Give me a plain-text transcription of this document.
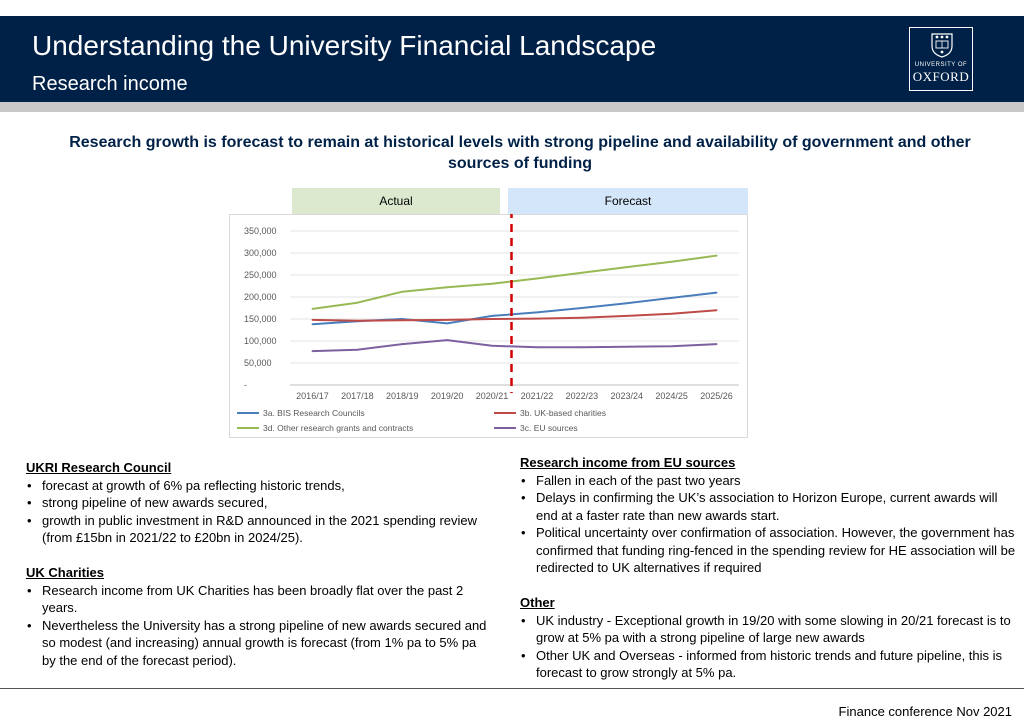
Understanding the University Financial Landscape
Research income
UNIVERSITY OF
OXFORD
Research growth is forecast to remain at historical levels with strong pipeline and availability of government and other sources of funding
Actual	Forecast
-
50,000
100,000
150,000
200,000
250,000
300,000
350,000
2016/17 2017/18 2018/19 2019/20 2020/21 2021/22 2022/23 2023/24 2024/25 2025/26
3a. BIS Research Councils	3b. UK-based charities
3d. Other research grants and contracts	3c. EU sources
UKRI Research Council
• forecast at growth of 6% pa reflecting historic trends,
• strong pipeline of new awards secured,
• growth in public investment in R&D announced in the 2021 spending review (from £15bn in 2021/22 to £20bn in 2024/25).
UK Charities
• Research income from UK Charities has been broadly flat over the past 2 years.
• Nevertheless the University has a strong pipeline of new awards secured and so modest (and increasing) annual growth is forecast (from 1% pa to 5% pa by the end of the forecast period).
Research income from EU sources
• Fallen in each of the past two years
• Delays in confirming the UK’s association to Horizon Europe, current awards will end at a faster rate than new awards start.
• Political uncertainty over confirmation of association. However, the government has confirmed that funding ring-fenced in the spending review for HE association will be redirected to UK alternatives if required
Other
• UK industry - Exceptional growth in 19/20 with some slowing in 20/21 forecast is to grow at 5% pa with a strong pipeline of large new awards
• Other UK and Overseas - informed from historic trends and future pipeline, this is forecast to grow strongly at 5% pa.
Finance conference Nov 2021
